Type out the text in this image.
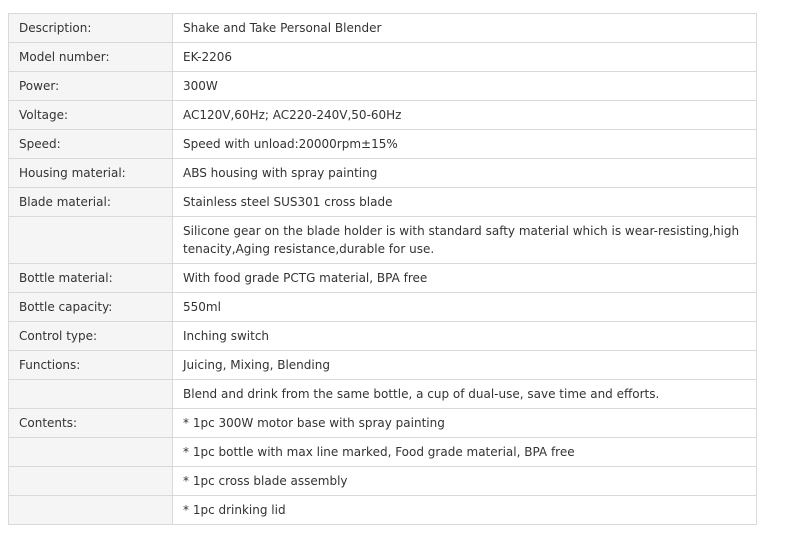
Description:	Shake and Take Personal Blender
Model number:	EK-2206
Power:	300W
Voltage:	AC120V,60Hz; AC220-240V,50-60Hz
Speed:	Speed with unload:20000rpm±15%
Housing material:	ABS housing with spray painting
Blade material:	Stainless steel SUS301 cross blade
	Silicone gear on the blade holder is with standard safty material which is wear-resisting,high tenacity,Aging resistance,durable for use.
Bottle material:	With food grade PCTG material, BPA free
Bottle capacity:	550ml
Control type:	Inching switch
Functions:	Juicing, Mixing, Blending
	Blend and drink from the same bottle, a cup of dual-use, save time and efforts.
Contents:	* 1pc 300W motor base with spray painting
	* 1pc bottle with max line marked, Food grade material, BPA free
	* 1pc cross blade assembly
	* 1pc drinking lid
